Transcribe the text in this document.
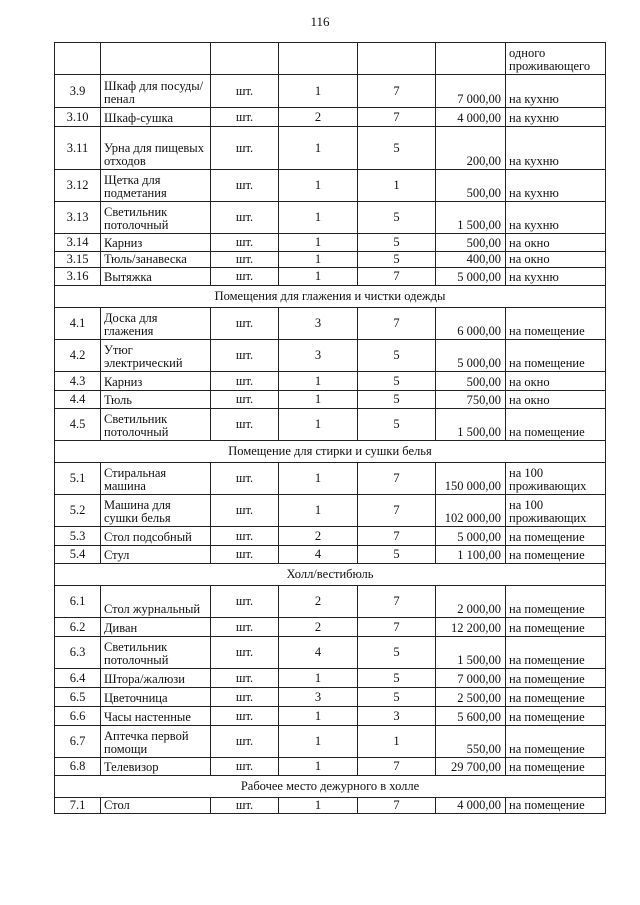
116
						одного проживающего
3.9	Шкаф для посуды/пенал	шт.	1	7	7 000,00	на кухню
3.10	Шкаф-сушка	шт.	2	7	4 000,00	на кухню
3.11	Урна для пищевых отходов	шт.	1	5	200,00	на кухню
3.12	Щетка для подметания	шт.	1	1	500,00	на кухню
3.13	Светильник потолочный	шт.	1	5	1 500,00	на кухню
3.14	Карниз	шт.	1	5	500,00	на окно
3.15	Тюль/занавеска	шт.	1	5	400,00	на окно
3.16	Вытяжка	шт.	1	7	5 000,00	на кухню
Помещения для глажения и чистки одежды						
4.1	Доска для глажения	шт.	3	7	6 000,00	на помещение
4.2	Утюг электрический	шт.	3	5	5 000,00	на помещение
4.3	Карниз	шт.	1	5	500,00	на окно
4.4	Тюль	шт.	1	5	750,00	на окно
4.5	Светильник потолочный	шт.	1	5	1 500,00	на помещение
Помещение для стирки и сушки белья						
5.1	Стиральная машина	шт.	1	7	150 000,00	на 100 проживающих
5.2	Машина для сушки белья	шт.	1	7	102 000,00	на 100 проживающих
5.3	Стол подсобный	шт.	2	7	5 000,00	на помещение
5.4	Стул	шт.	4	5	1 100,00	на помещение
Холл/вестибюль						
6.1	Стол журнальный	шт.	2	7	2 000,00	на помещение
6.2	Диван	шт.	2	7	12 200,00	на помещение
6.3	Светильник потолочный	шт.	4	5	1 500,00	на помещение
6.4	Штора/жалюзи	шт.	1	5	7 000,00	на помещение
6.5	Цветочница	шт.	3	5	2 500,00	на помещение
6.6	Часы настенные	шт.	1	3	5 600,00	на помещение
6.7	Аптечка первой помощи	шт.	1	1	550,00	на помещение
6.8	Телевизор	шт.	1	7	29 700,00	на помещение
Рабочее место дежурного в холле						
7.1	Стол	шт.	1	7	4 000,00	на помещение
